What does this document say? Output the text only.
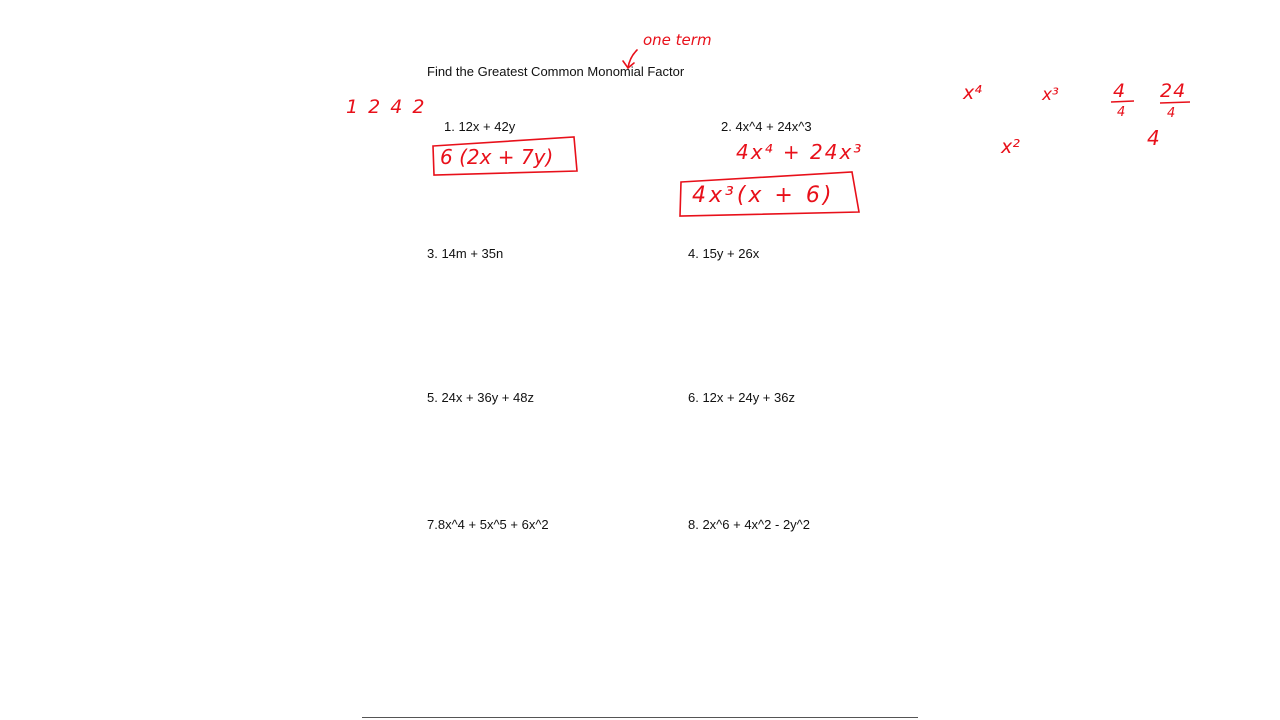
Find the Greatest Common Monomial Factor
1. 12x + 42y	2. 4x^4 + 24x^3
3. 14m + 35n	4. 15y + 26x
5. 24x + 36y + 48z	6. 12x + 24y + 36z
7.8x^4 + 5x^5 + 6x^2	8. 2x^6 + 4x^2 - 2y^2
one term
1 2 4 2
6 (2x + 7y)	4x⁴ + 24x³
4x³(x + 6)
x⁴	x³
x²
4
4
24
4
4
